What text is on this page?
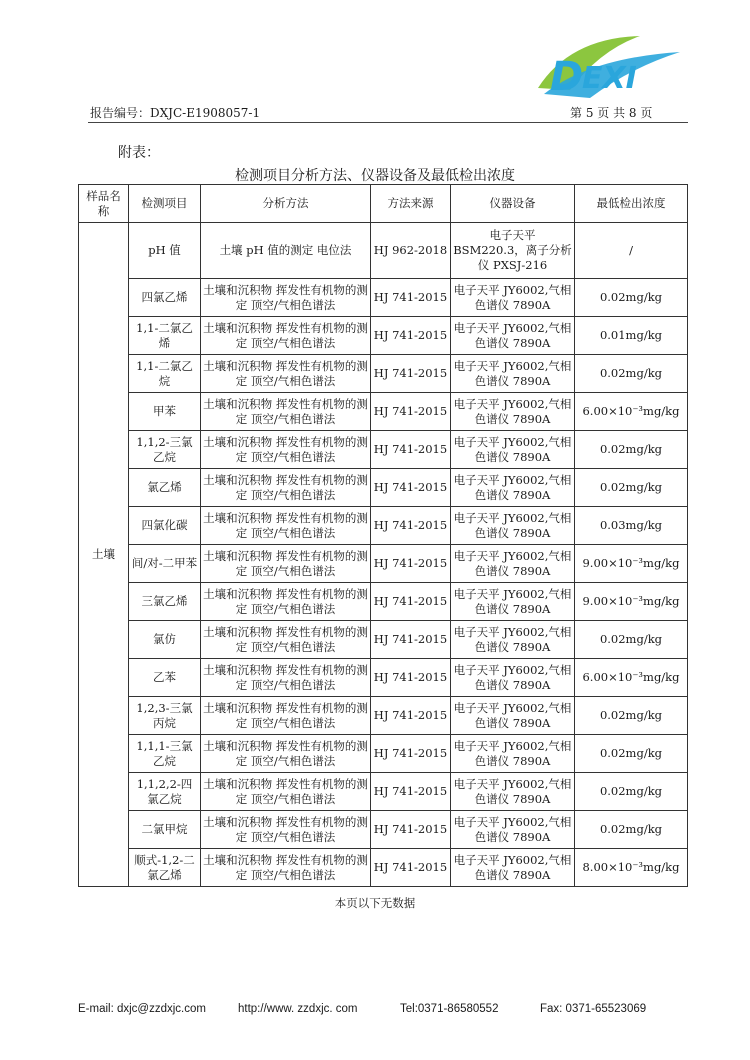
D
EXI
报告编号：DXJC-E1908057-1	第 5 页 共 8 页
附表：
检测项目分析方法、仪器设备及最低检出浓度
样品名称	检测项目	分析方法	方法来源	仪器设备	最低检出浓度
土壤	pH 值	土壤 pH 值的测定 电位法	HJ 962-2018	电子天平 BSM220.3，离子分析仪 PXSJ-216	/
	四氯乙烯	土壤和沉积物 挥发性有机物的测定 顶空/气相色谱法	HJ 741-2015	电子天平 JY6002,气相色谱仪 7890A	0.02mg/kg
	1,1-二氯乙烯	土壤和沉积物 挥发性有机物的测定 顶空/气相色谱法	HJ 741-2015	电子天平 JY6002,气相色谱仪 7890A	0.01mg/kg
	1,1-二氯乙烷	土壤和沉积物 挥发性有机物的测定 顶空/气相色谱法	HJ 741-2015	电子天平 JY6002,气相色谱仪 7890A	0.02mg/kg
	甲苯	土壤和沉积物 挥发性有机物的测定 顶空/气相色谱法	HJ 741-2015	电子天平 JY6002,气相色谱仪 7890A	6.00×10⁻³mg/kg
	1,1,2-三氯乙烷	土壤和沉积物 挥发性有机物的测定 顶空/气相色谱法	HJ 741-2015	电子天平 JY6002,气相色谱仪 7890A	0.02mg/kg
	氯乙烯	土壤和沉积物 挥发性有机物的测定 顶空/气相色谱法	HJ 741-2015	电子天平 JY6002,气相色谱仪 7890A	0.02mg/kg
	四氯化碳	土壤和沉积物 挥发性有机物的测定 顶空/气相色谱法	HJ 741-2015	电子天平 JY6002,气相色谱仪 7890A	0.03mg/kg
	间/对-二甲苯	土壤和沉积物 挥发性有机物的测定 顶空/气相色谱法	HJ 741-2015	电子天平 JY6002,气相色谱仪 7890A	9.00×10⁻³mg/kg
	三氯乙烯	土壤和沉积物 挥发性有机物的测定 顶空/气相色谱法	HJ 741-2015	电子天平 JY6002,气相色谱仪 7890A	9.00×10⁻³mg/kg
	氯仿	土壤和沉积物 挥发性有机物的测定 顶空/气相色谱法	HJ 741-2015	电子天平 JY6002,气相色谱仪 7890A	0.02mg/kg
	乙苯	土壤和沉积物 挥发性有机物的测定 顶空/气相色谱法	HJ 741-2015	电子天平 JY6002,气相色谱仪 7890A	6.00×10⁻³mg/kg
	1,2,3-三氯丙烷	土壤和沉积物 挥发性有机物的测定 顶空/气相色谱法	HJ 741-2015	电子天平 JY6002,气相色谱仪 7890A	0.02mg/kg
	1,1,1-三氯乙烷	土壤和沉积物 挥发性有机物的测定 顶空/气相色谱法	HJ 741-2015	电子天平 JY6002,气相色谱仪 7890A	0.02mg/kg
	1,1,2,2-四氯乙烷	土壤和沉积物 挥发性有机物的测定 顶空/气相色谱法	HJ 741-2015	电子天平 JY6002,气相色谱仪 7890A	0.02mg/kg
	二氯甲烷	土壤和沉积物 挥发性有机物的测定 顶空/气相色谱法	HJ 741-2015	电子天平 JY6002,气相色谱仪 7890A	0.02mg/kg
	顺式-1,2-二氯乙烯	土壤和沉积物 挥发性有机物的测定 顶空/气相色谱法	HJ 741-2015	电子天平 JY6002,气相色谱仪 7890A	8.00×10⁻³mg/kg
本页以下无数据
E-mail: dxjc@zzdxjc.com	http://www. zzdxjc. com	Tel:0371-86580552	Fax: 0371-65523069
